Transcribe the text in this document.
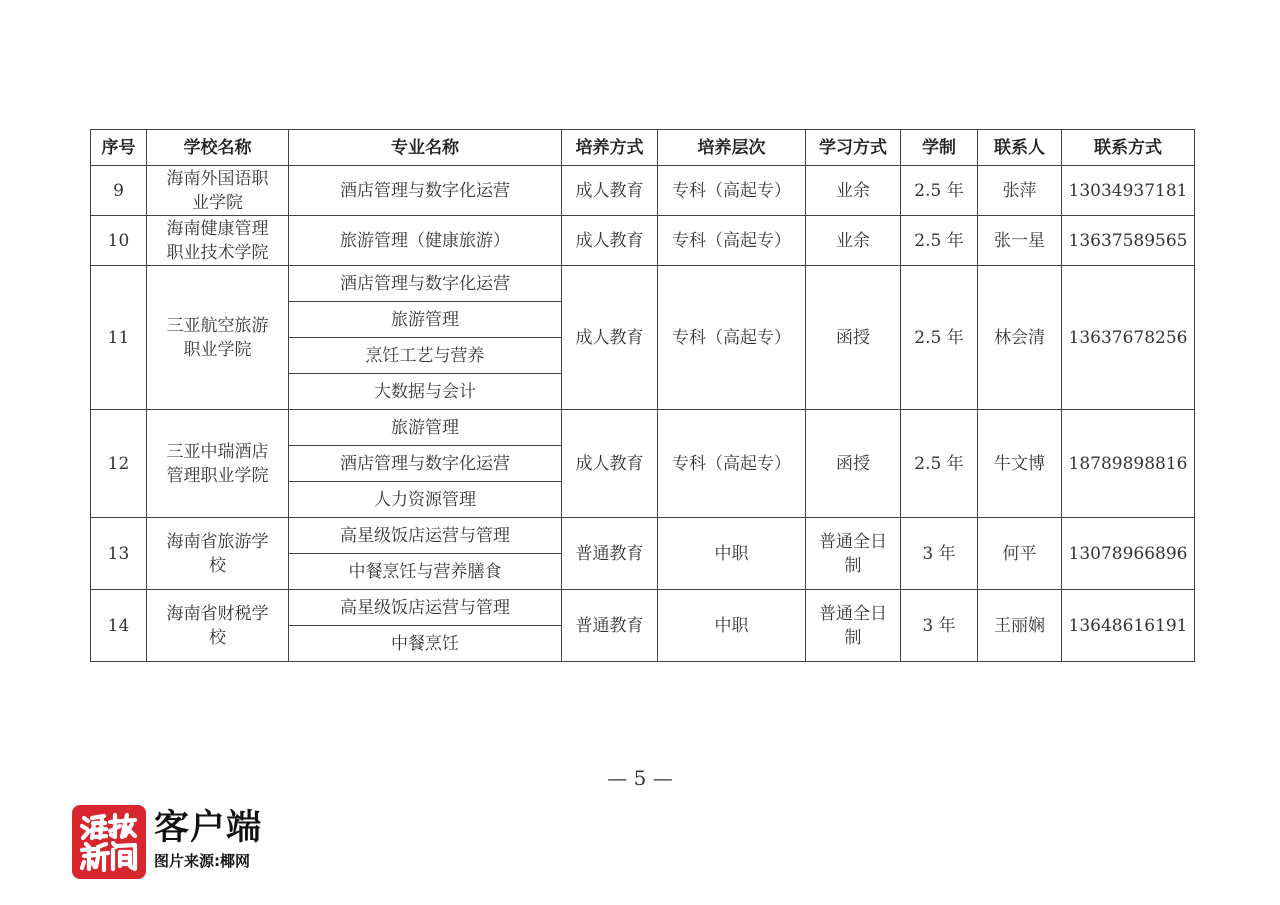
序号	学校名称	专业名称	培养方式	培养层次	学习方式	学制	联系人	联系方式
9	海南外国语职业学院	酒店管理与数字化运营	成人教育	专科（高起专）	业余	2.5 年	张萍	13034937181
10	海南健康管理职业技术学院	旅游管理（健康旅游）	成人教育	专科（高起专）	业余	2.5 年	张一星	13637589565
11	三亚航空旅游职业学院	酒店管理与数字化运营	成人教育	专科（高起专）	函授	2.5 年	林会清	13637678256
		旅游管理						
		烹饪工艺与营养						
		大数据与会计						
12	三亚中瑞酒店管理职业学院	旅游管理	成人教育	专科（高起专）	函授	2.5 年	牛文博	18789898816
		酒店管理与数字化运营						
		人力资源管理						
13	海南省旅游学校	高星级饭店运营与管理	普通教育	中职	普通全日制	3 年	何平	13078966896
		中餐烹饪与营养膳食						
14	海南省财税学校	高星级饭店运营与管理	普通教育	中职	普通全日制	3 年	王丽娴	13648616191
		中餐烹饪						
— 5 —
客户端
图片来源:椰网
